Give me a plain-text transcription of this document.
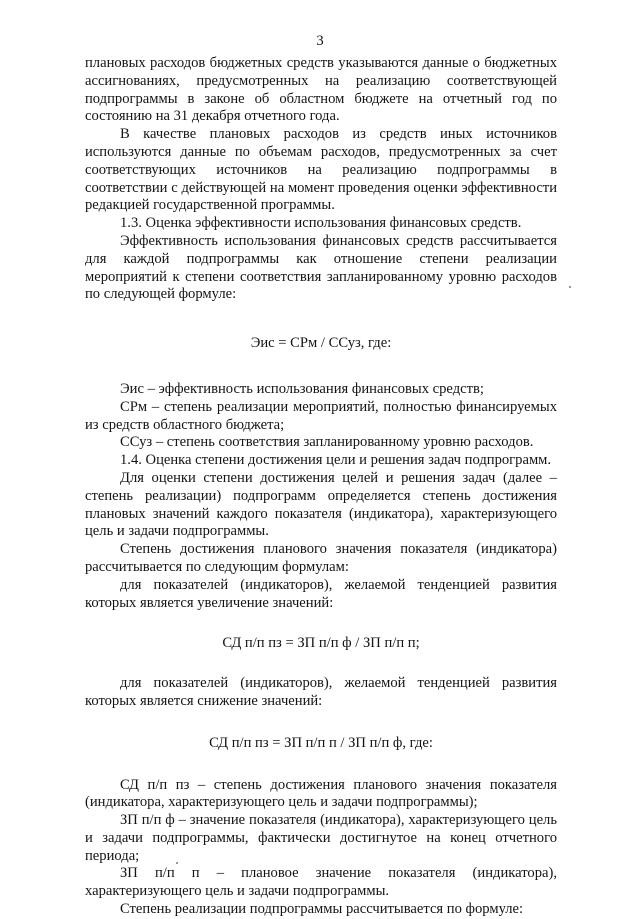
3

плановых расходов бюджетных средств указываются данные о бюджетных ассигнованиях, предусмотренных на реализацию соответствующей подпрограммы в законе об областном бюджете на отчетный год по состоянию на 31 декабря отчетного года.

В качестве плановых расходов из средств иных источников используются данные по объемам расходов, предусмотренных за счет соответствующих источников на реализацию подпрограммы в соответствии с действующей на момент проведения оценки эффективности редакцией государственной программы.

1.3. Оценка эффективности использования финансовых средств.

Эффективность использования финансовых средств рассчитывается для каждой подпрограммы как отношение степени реализации мероприятий к степени соответствия запланированному уровню расходов по следующей формуле:

Эис = СРм / ССуз, где:

Эис – эффективность использования финансовых средств;

СРм – степень реализации мероприятий, полностью финансируемых из средств областного бюджета;

ССуз – степень соответствия запланированному уровню расходов.

1.4. Оценка степени достижения цели и решения задач подпрограмм.

Для оценки степени достижения целей и решения задач (далее – степень реализации) подпрограмм определяется степень достижения плановых значений каждого показателя (индикатора), характеризующего цель и задачи подпрограммы.

Степень достижения планового значения показателя (индикатора) рассчитывается по следующим формулам:

для показателей (индикаторов), желаемой тенденцией развития которых является увеличение значений:

СД п/п пз = ЗП п/п ф / ЗП п/п п;

для показателей (индикаторов), желаемой тенденцией развития которых является снижение значений:

СД п/п пз = ЗП п/п п / ЗП п/п ф, где:

СД п/п пз – степень достижения планового значения показателя (индикатора, характеризующего цель и задачи подпрограммы);

ЗП п/п ф – значение показателя (индикатора), характеризующего цель и задачи подпрограммы, фактически достигнутое на конец отчетного периода;

ЗП п/п п – плановое значение показателя (индикатора), характеризующего цель и задачи подпрограммы.

Степень реализации подпрограммы рассчитывается по формуле:
